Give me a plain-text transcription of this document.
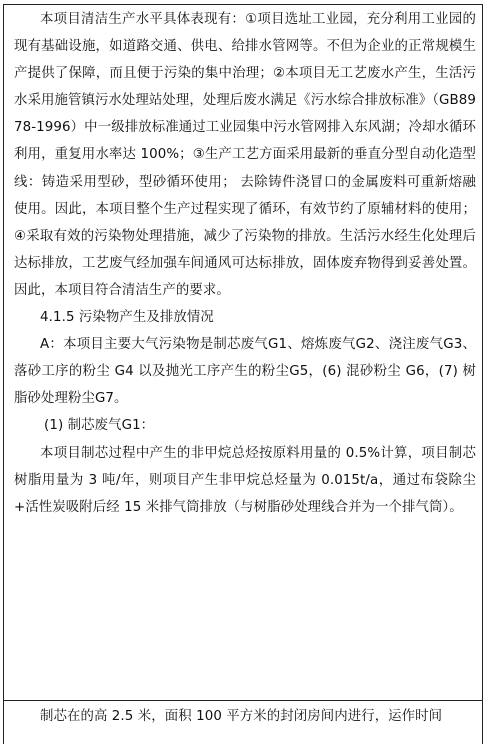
本项目清洁生产水平具体表现有：①项目选址工业园，充分利用工业园的现有基础设施，如道路交通、供电、给排水管网等。不但为企业的正常规模生产提供了保障，而且便于污染的集中治理；②本项目无工艺废水产生，生活污水采用施管镇污水处理站处理，处理后废水满足《污水综合排放标准》（GB8978-1996）中一级排放标准通过工业园集中污水管网排入东风湖；冷却水循环利用，重复用水率达 100%；③生产工艺方面采用最新的垂直分型自动化造型线：铸造采用型砂，型砂循环使用； 去除铸件浇冒口的金属废料可重新熔融使用。因此，本项目整个生产过程实现了循环，有效节约了原辅材料的使用；④采取有效的污染物处理措施，减少了污染物的排放。生活污水经生化处理后达标排放，工艺废气经加强车间通风可达标排放，固体废弃物得到妥善处置。 因此，本项目符合清洁生产的要求。

4.1.5 污染物产生及排放情况

A：本项目主要大气污染物是制芯废气G1、熔炼废气G2、浇注废气G3、落砂工序的粉尘 G4 以及抛光工序产生的粉尘G5，(6) 混砂粉尘 G6，(7) 树脂砂处理粉尘G7。

(1) 制芯废气G1：

本项目制芯过程中产生的非甲烷总烃按原料用量的 0.5%计算，项目制芯树脂用量为 3 吨/年，则项目产生非甲烷总烃量为 0.015t/a，通过布袋除尘+活性炭吸附后经 15 米排气筒排放（与树脂砂处理线合并为一个排气筒）。

制芯在的高 2.5 米，面积 100 平方米的封闭房间内进行，运作时间
